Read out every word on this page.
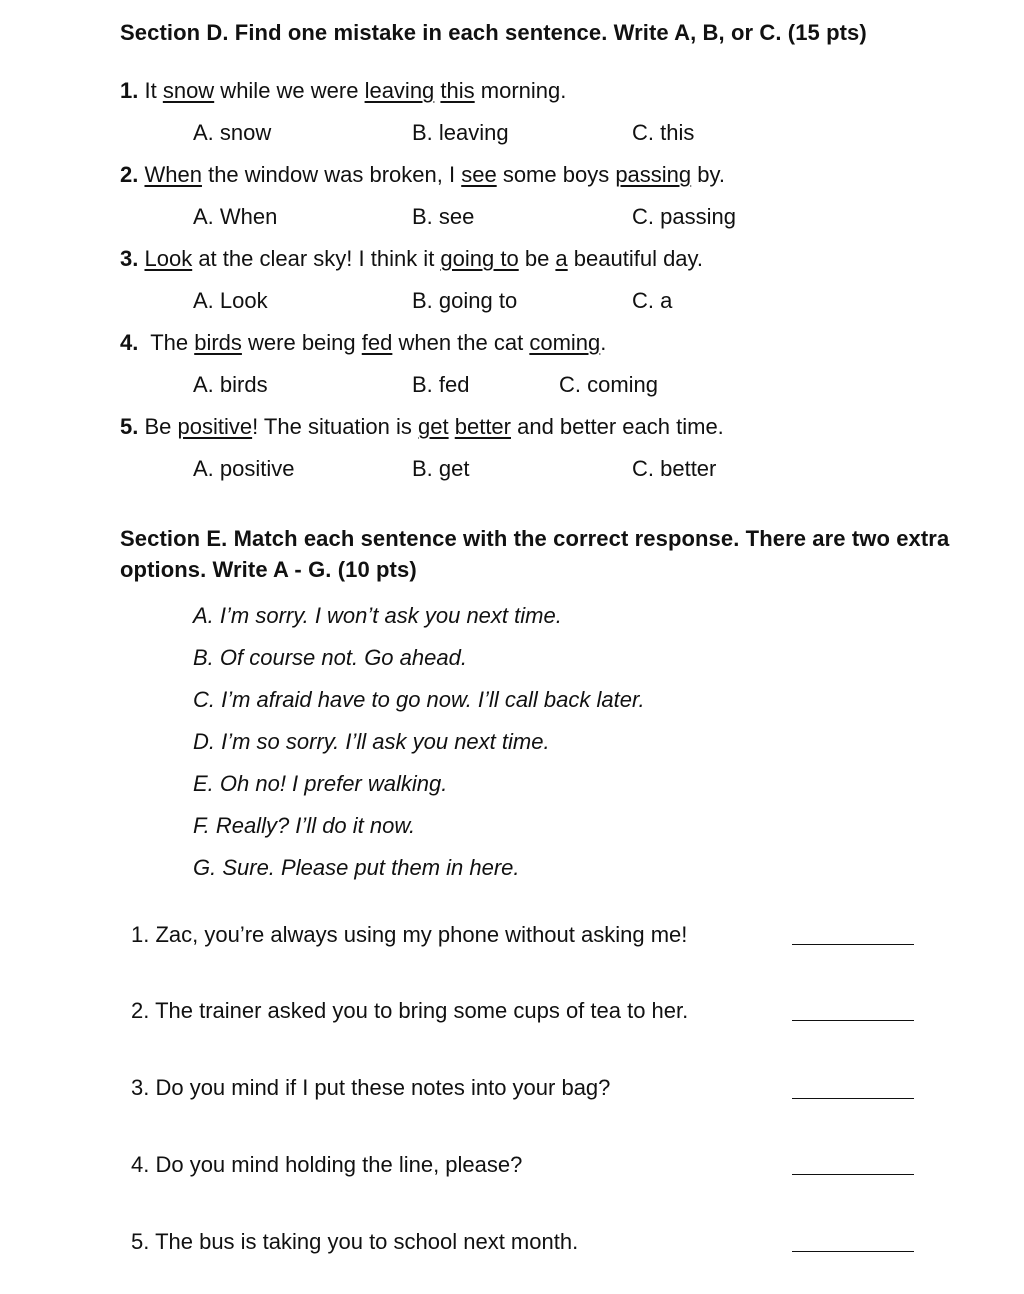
Section D. Find one mistake in each sentence. Write A, B, or C. (15 pts)
1. It snow while we were leaving this morning.
A. snow	B. leaving	C. this
2. When the window was broken, I see some boys passing by.
A. When	B. see	C. passing
3. Look at the clear sky! I think it going to be a beautiful day.
A. Look	B. going to	C. a
4. The birds were being fed when the cat coming.
A. birds	B. fed	C. coming
5. Be positive! The situation is get better and better each time.
A. positive	B. get	C. better
Section E. Match each sentence with the correct response. There are two extra
options. Write A - G. (10 pts)
A. I’m sorry. I won’t ask you next time.
B. Of course not. Go ahead.
C. I’m afraid have to go now. I’ll call back later.
D. I’m so sorry. I’ll ask you next time.
E. Oh no! I prefer walking.
F. Really? I’ll do it now.
G. Sure. Please put them in here.
1. Zac, you’re always using my phone without asking me!
2. The trainer asked you to bring some cups of tea to her.
3. Do you mind if I put these notes into your bag?
4. Do you mind holding the line, please?
5. The bus is taking you to school next month.
